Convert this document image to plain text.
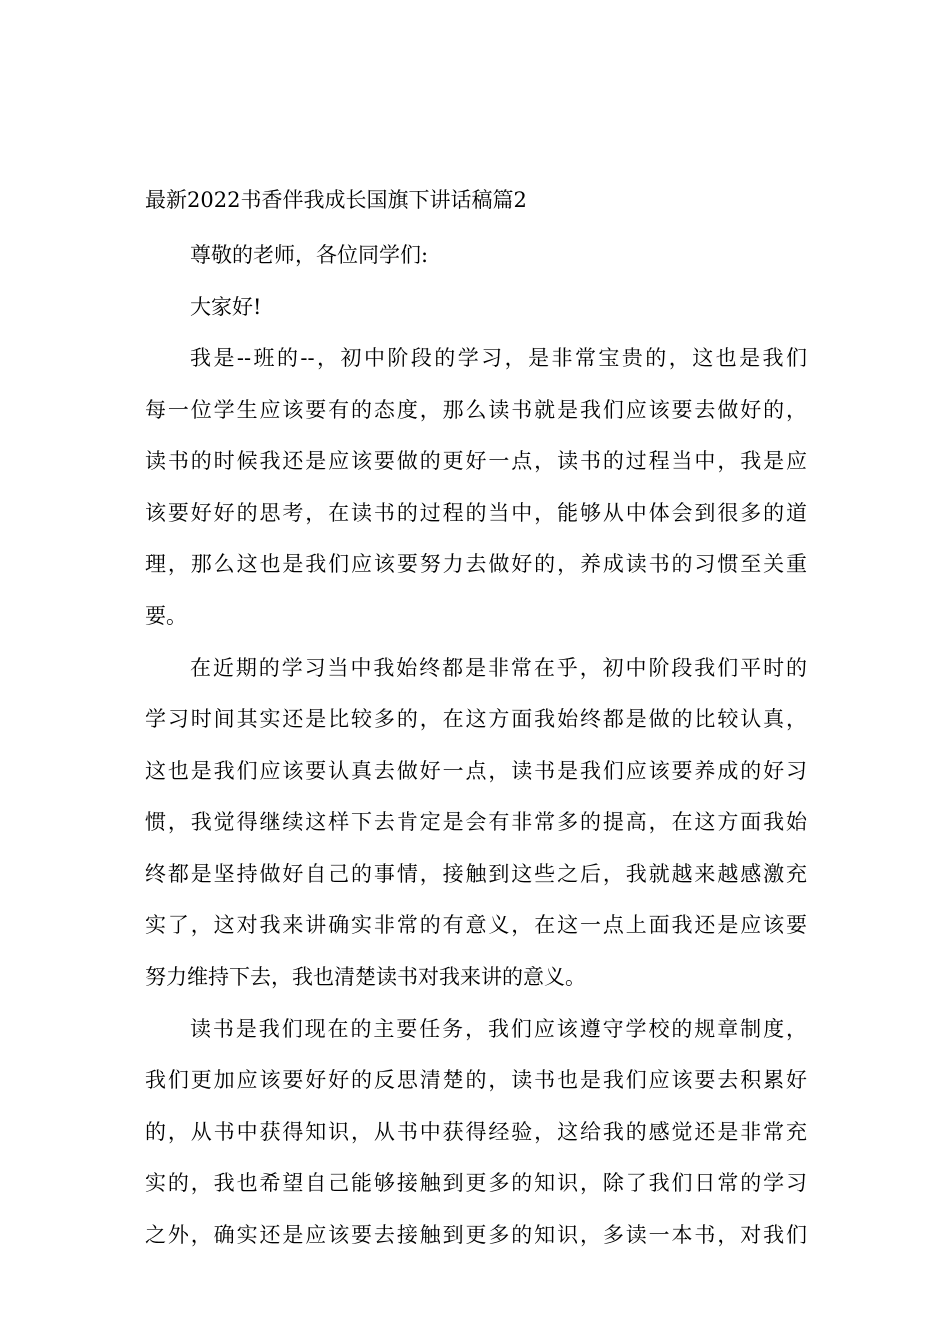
最新2022书香伴我成长国旗下讲话稿篇2
尊敬的老师，各位同学们:
大家好!
我是--班的--，初中阶段的学习，是非常宝贵的，这也是我们
每一位学生应该要有的态度，那么读书就是我们应该要去做好的，
读书的时候我还是应该要做的更好一点，读书的过程当中，我是应
该要好好的思考，在读书的过程的当中，能够从中体会到很多的道
理，那么这也是我们应该要努力去做好的，养成读书的习惯至关重
要。
在近期的学习当中我始终都是非常在乎，初中阶段我们平时的
学习时间其实还是比较多的，在这方面我始终都是做的比较认真，
这也是我们应该要认真去做好一点，读书是我们应该要养成的好习
惯，我觉得继续这样下去肯定是会有非常多的提高，在这方面我始
终都是坚持做好自己的事情，接触到这些之后，我就越来越感激充
实了，这对我来讲确实非常的有意义，在这一点上面我还是应该要
努力维持下去，我也清楚读书对我来讲的意义。
读书是我们现在的主要任务，我们应该遵守学校的规章制度，
我们更加应该要好好的反思清楚的，读书也是我们应该要去积累好
的，从书中获得知识，从书中获得经验，这给我的感觉还是非常充
实的，我也希望自己能够接触到更多的知识，除了我们日常的学习
之外，确实还是应该要去接触到更多的知识，多读一本书，对我们
